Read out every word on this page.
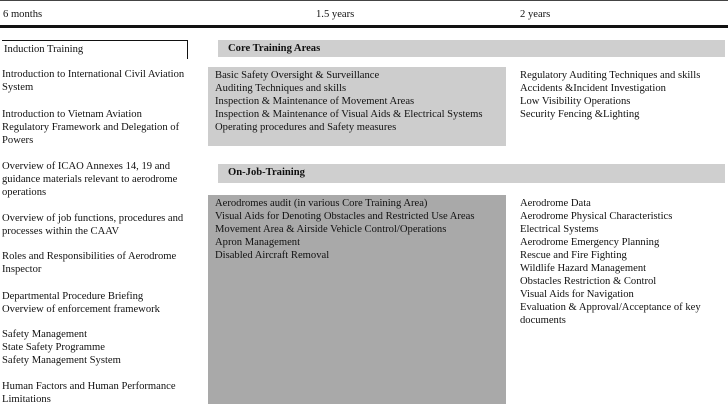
6 months	1.5 years	2 years
Induction Training
Introduction to International Civil Aviation System
Introduction to Vietnam Aviation Regulatory Framework and Delegation of Powers
Overview of ICAO Annexes 14, 19 and guidance materials relevant to aerodrome operations
Overview of job functions, procedures and processes within the CAAV
Roles and Responsibilities of Aerodrome Inspector
Departmental Procedure Briefing
Overview of enforcement framework
Safety Management
State Safety Programme
Safety Management System
Human Factors and Human Performance Limitations
Core Training Areas
Basic Safety Oversight & Surveillance
Auditing Techniques and skills
Inspection & Maintenance of Movement Areas
Inspection & Maintenance of Visual Aids & Electrical Systems
Operating procedures and Safety measures
Regulatory Auditing Techniques and skills
Accidents &Incident Investigation
Low Visibility Operations
Security Fencing &Lighting
On-Job-Training
Aerodromes audit (in various Core Training Area)
Visual Aids for Denoting Obstacles and Restricted Use Areas
Movement Area & Airside Vehicle Control/Operations
Apron Management
Disabled Aircraft Removal
Aerodrome Data
Aerodrome Physical Characteristics
Electrical Systems
Aerodrome Emergency Planning
Rescue and Fire Fighting
Wildlife Hazard Management
Obstacles Restriction & Control
Visual Aids for Navigation
Evaluation & Approval/Acceptance of key documents
